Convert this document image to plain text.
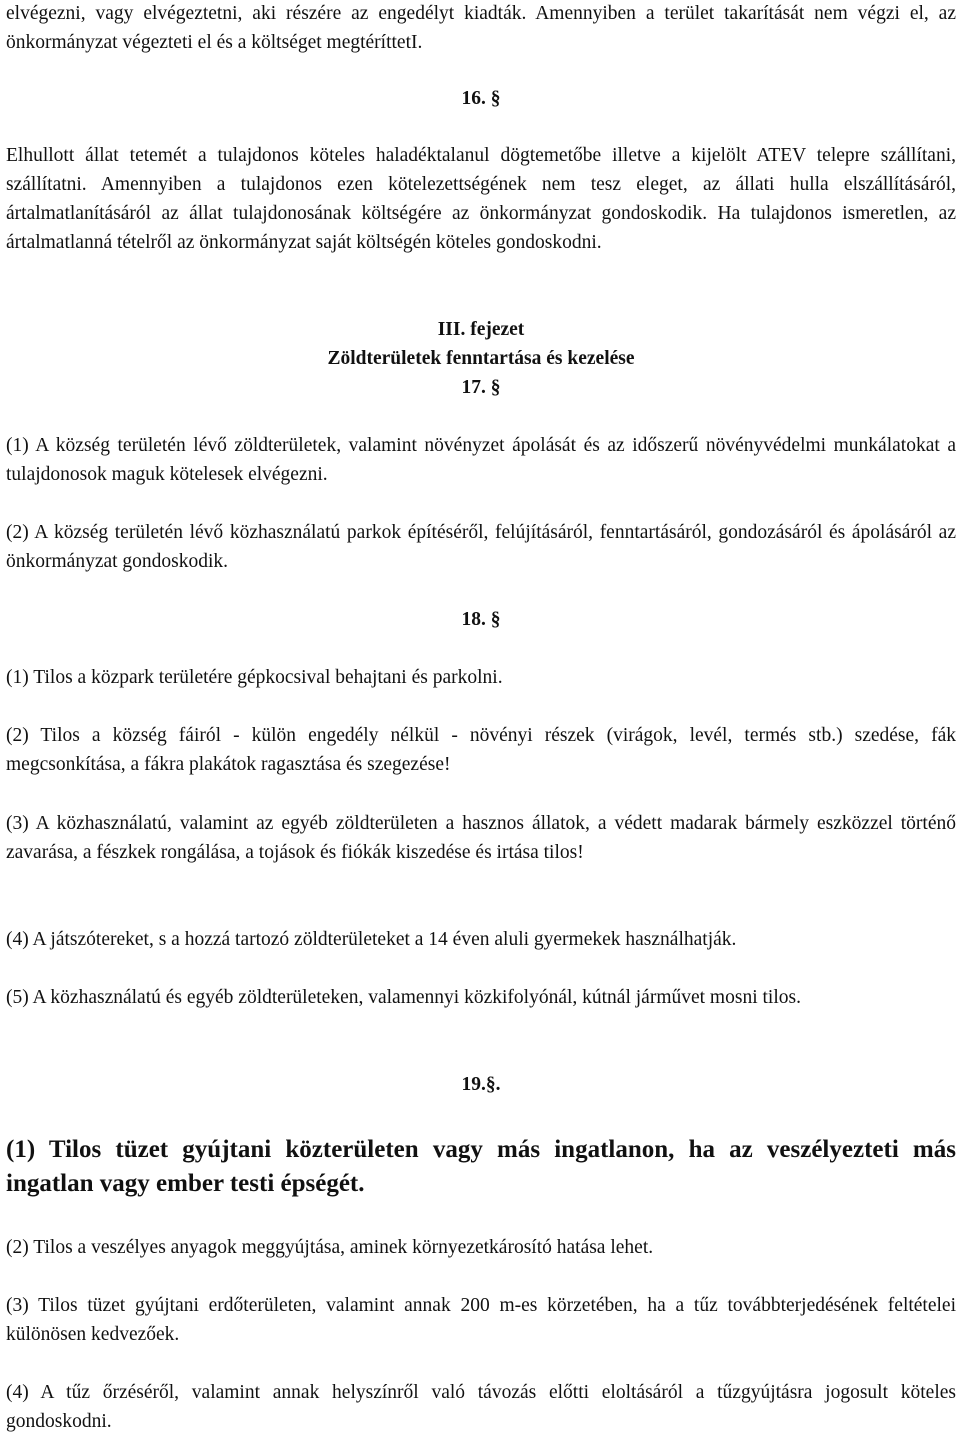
elvégezni, vagy elvégeztetni, aki részére az engedélyt kiadták. Amennyiben a terület takarítását nem végzi el, az önkormányzat végezteti el és a költséget megtéríttetI.

16. §

Elhullott állat tetemét a tulajdonos köteles haladéktalanul dögtemetőbe illetve a kijelölt ATEV telepre szállítani, szállítatni. Amennyiben a tulajdonos ezen kötelezettségének nem tesz eleget, az állati hulla elszállításáról, ártalmatlanításáról az állat tulajdonosának költségére az önkormányzat gondoskodik. Ha tulajdonos ismeretlen, az ártalmatlanná tételről az önkormányzat saját költségén köteles gondoskodni.

III. fejezet

Zöldterületek fenntartása és kezelése

17. §

(1) A község területén lévő zöldterületek, valamint növényzet ápolását és az időszerű növényvédelmi munkálatokat a tulajdonosok maguk kötelesek elvégezni.

(2) A község területén lévő közhasználatú parkok építéséről, felújításáról, fenntartásáról, gondozásáról és ápolásáról az önkormányzat gondoskodik.

18. §

(1) Tilos a közpark területére gépkocsival behajtani és parkolni.

(2) Tilos a község fáiról - külön engedély nélkül - növényi részek (virágok, levél, termés stb.) szedése, fák megcsonkítása, a fákra plakátok ragasztása és szegezése!

(3) A közhasználatú, valamint az egyéb zöldterületen a hasznos állatok, a védett madarak bármely eszközzel történő zavarása, a fészkek rongálása, a tojások és fiókák kiszedése és irtása tilos!

(4) A játszótereket, s a hozzá tartozó zöldterületeket a 14 éven aluli gyermekek használhatják.

(5) A közhasználatú és egyéb zöldterületeken, valamennyi közkifolyónál, kútnál járművet mosni tilos.

19.§.

(1) Tilos tüzet gyújtani közterületen vagy más ingatlanon, ha az veszélyezteti más ingatlan vagy ember testi épségét.

(2) Tilos a veszélyes anyagok meggyújtása, aminek környezetkárosító hatása lehet.

(3) Tilos tüzet gyújtani erdőterületen, valamint annak 200 m-es körzetében, ha a tűz továbbterjedésének feltételei különösen kedvezőek.

(4) A tűz őrzéséről, valamint annak helyszínről való távozás előtti eloltásáról a tűzgyújtásra jogosult köteles gondoskodni.
